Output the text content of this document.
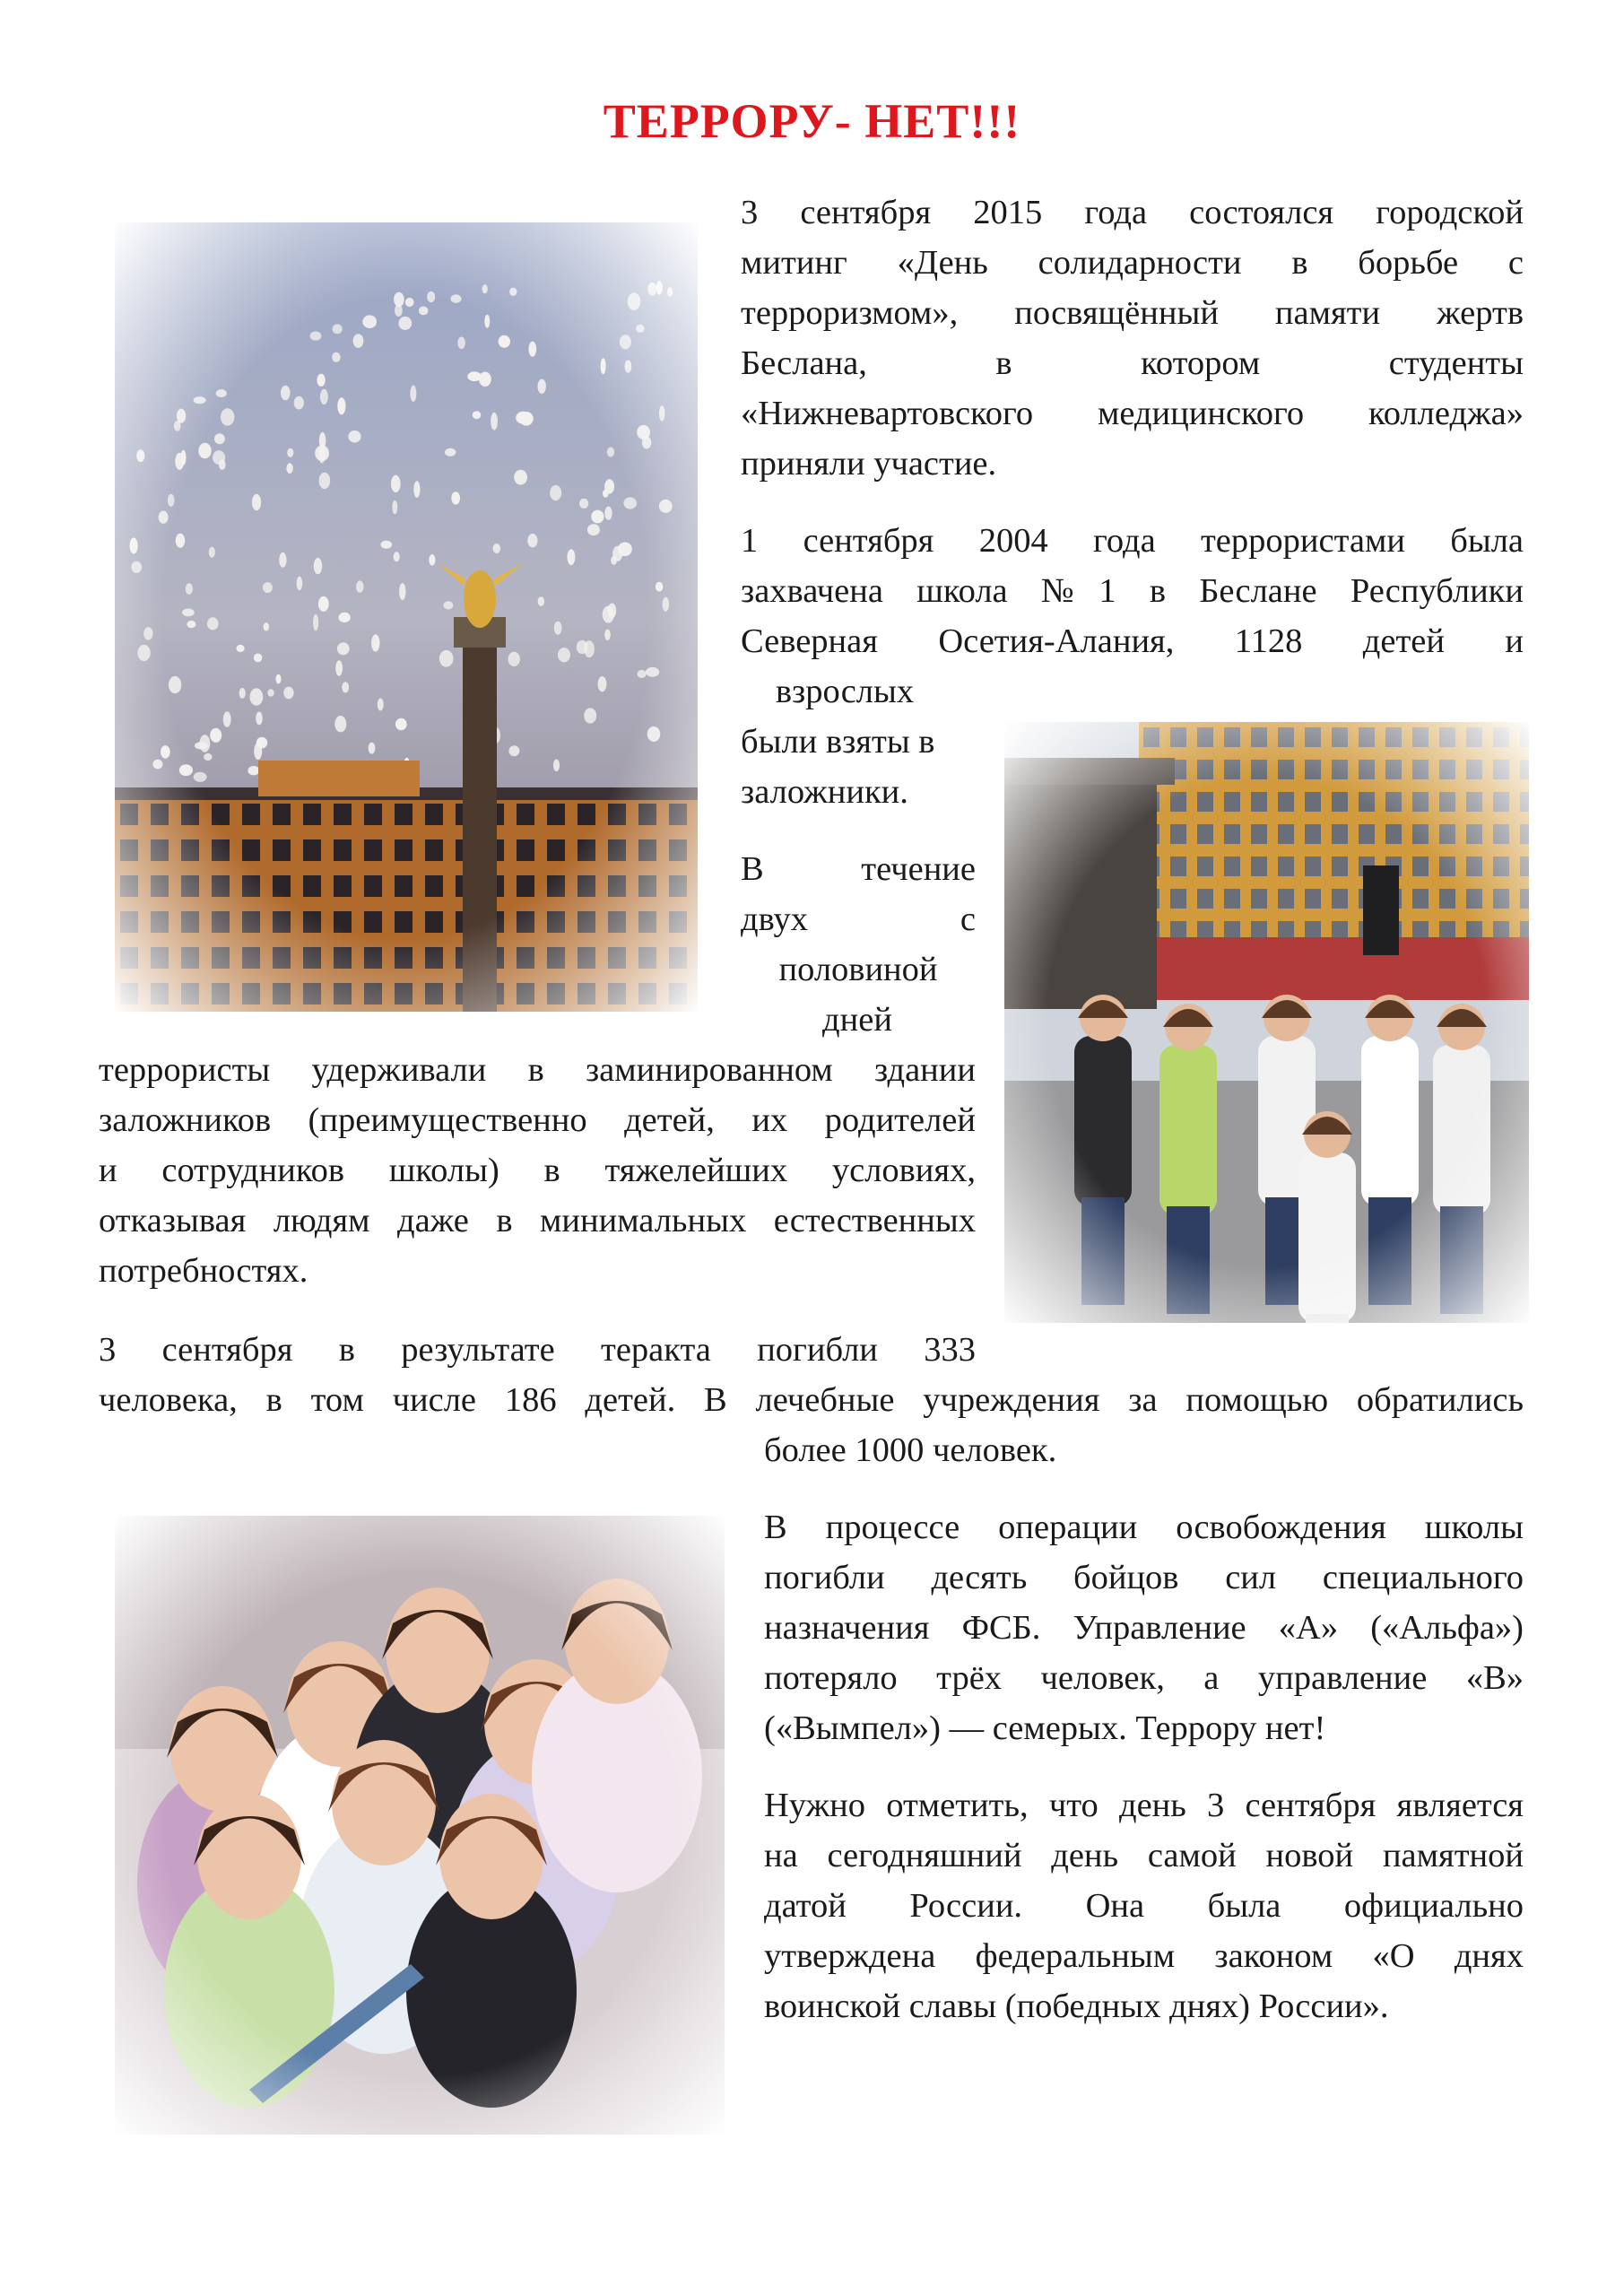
ТЕРРОРУ- НЕТ!!!
3 сентября 2015 года состоялся городской
митинг «День солидарности в борьбе с
терроризмом», посвящённый памяти жертв
Беслана, в котором студенты
«Нижневартовского медицинского колледжа»
приняли участие.
1 сентября 2004 года террористами была
захвачена школа №1 в Беслане Республики
Северная Осетия-Алания, 1128 детей и
взрослых
были взяты в
заложники.
В течение
двух с
половиной
дней
террористы удерживали в заминированном здании
заложников (преимущественно детей, их родителей
и сотрудников школы) в тяжелейших условиях,
отказывая людям даже в минимальных естественных
потребностях.
3 сентября в результате теракта погибли 333
человека, в том числе 186 детей. В лечебные учреждения за помощью обратились
более 1000 человек.
В процессе операции освобождения школы
погибли десять бойцов сил специального
назначения ФСБ. Управление «А» («Альфа»)
потеряло трёх человек, а управление «В»
(«Вымпел») — семерых. Террору нет!
Нужно отметить, что день 3 сентября является
на сегодняшний день самой новой памятной
датой России. Она была официально
утверждена федеральным законом «О днях
воинской славы (победных днях) России».
